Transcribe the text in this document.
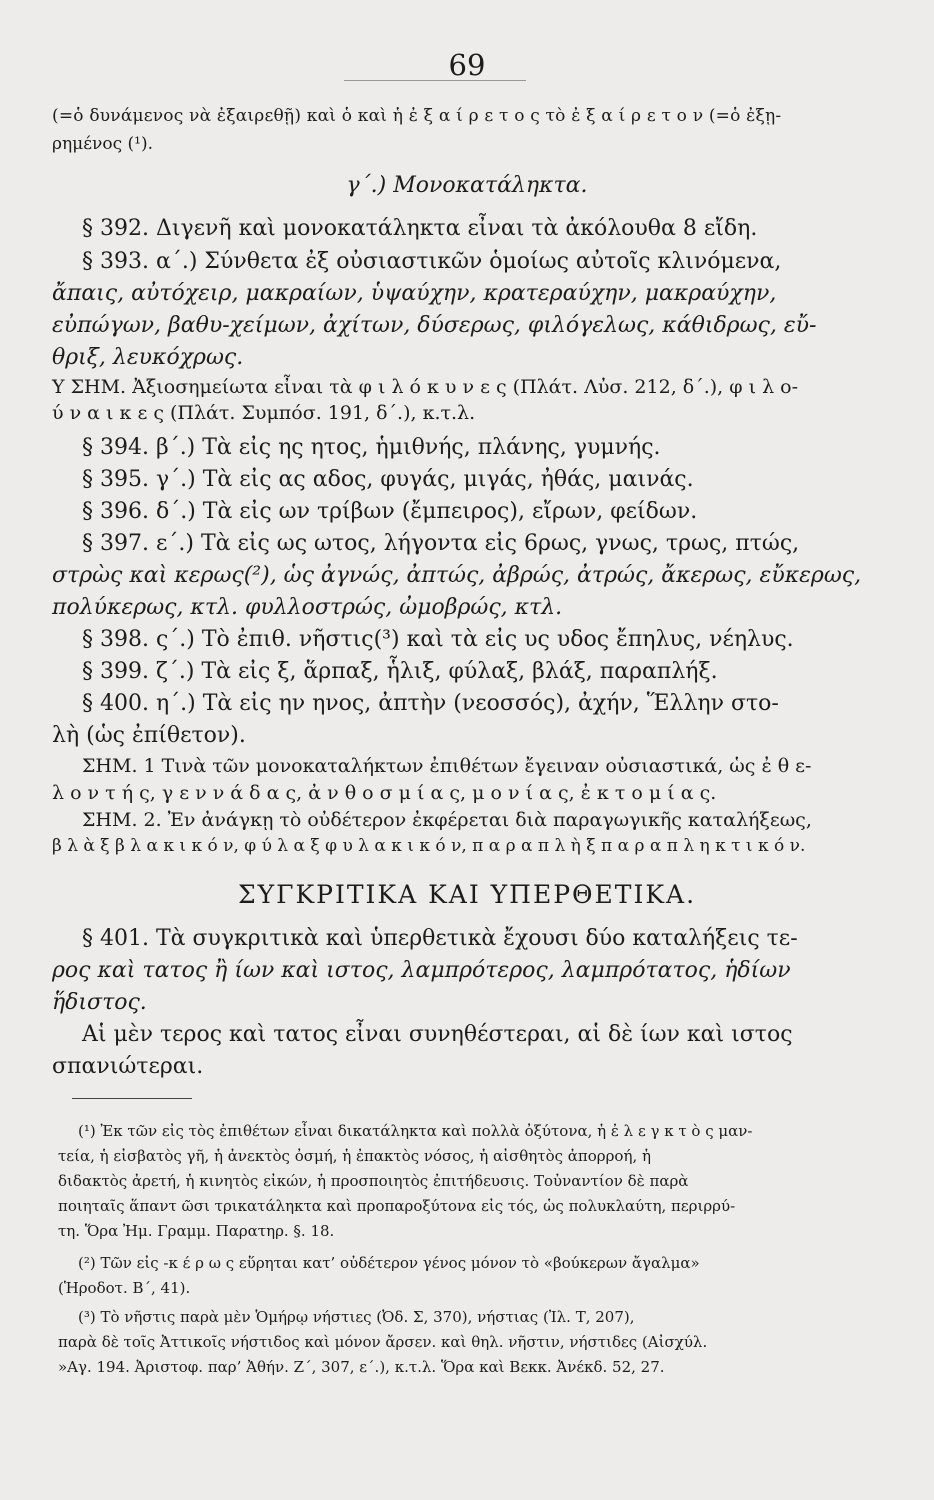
69
(=ὁ δυνάμενος νὰ ἐξαιρεθῇ) καὶ ὁ καὶ ἡ ἐ ξ α ί ρ ε τ ο ς τὸ ἐ ξ α ί ρ ε τ ο ν (=ὁ ἐξῃ-
ρημένος (¹).
γ΄.) Μονοκατάληκτα.
§ 392. Διγενῆ καὶ μονοκατάληκτα εἶναι τὰ ἀκόλουθα 8 εἴδη.
§ 393. α΄.) Σύνθετα ἐξ οὐσιαστικῶν ὁμοίως αὐτοῖς κλινόμενα,
ἄπαις, αὐτόχειρ, μακραίων, ὑψαύχην, κρατεραύχην, μακραύχην,
εὐπώγων, βαθυ-χείμων, ἀχίτων, δύσερως, φιλόγελως, κάθιδρως, εὔ-
θριξ, λευκόχρως.
Υ ΣΗΜ. Ἀξιοσημείωτα εἶναι τὰ φ ι λ ό κ υ ν ε ς (Πλάτ. Λὐσ. 212, δ΄.), φ ι λ ο-
ύ ν α ι κ ε ς (Πλάτ. Συμπόσ. 191, δ΄.), κ.τ.λ.
§ 394. β΄.) Τὰ εἰς ης ητος, ἡμιθνής, πλάνης, γυμνής.
§ 395. γ΄.) Τὰ εἰς ας αδος, φυγάς, μιγάς, ἠθάς, μαινάς.
§ 396. δ΄.) Τὰ εἰς ων τρίβων (ἔμπειρος), εἴρων, φείδων.
§ 397. ε΄.) Τὰ εἰς ως ωτος, λήγοντα εἰς 6ρως, γνως, τρως, πτώς,
στρὼς καὶ κερως(²), ὡς ἀγνώς, ἀπτώς, ἀβρώς, ἀτρώς, ἄκερως, εὔκερως,
πολύκερως, κτλ. φυλλοστρώς, ὠμοβρώς, κτλ.
§ 398. ς΄.) Τὸ ἐπιθ. νῆστις(³) καὶ τὰ εἰς υς υδος ἔπηλυς, νέηλυς.
§ 399. ζ΄.) Τὰ εἰς ξ, ἅρπαξ, ἧλιξ, φύλαξ, βλάξ, παραπλήξ.
§ 400. η΄.) Τὰ εἰς ην ηνος, ἀπτὴν (νεοσσός), ἀχήν, Ἕλλην στο-
λὴ (ὡς ἐπίθετον).
ΣΗΜ. 1 Τινὰ τῶν μονοκαταλήκτων ἐπιθέτων ἔγειναν οὐσιαστικά, ὡς ἐ θ ε-
λ ο ν τ ή ς, γ ε ν ν ά δ α ς, ἀ ν θ ο σ μ ί α ς, μ ο ν ί α ς, ἐ κ τ ο μ ί α ς.
ΣΗΜ. 2. Ἐν ἀνάγκῃ τὸ οὐδέτερον ἐκφέρεται διὰ παραγωγικῆς καταλήξεως,
β λ ὰ ξ β λ α κ ι κ ό ν, φ ύ λ α ξ φ υ λ α κ ι κ ό ν, π α ρ α π λ ὴ ξ π α ρ α π λ η κ τ ι κ ό ν.
ΣΥΓΚΡΙΤΙΚΑ ΚΑΙ ΥΠΕΡΘΕΤΙΚΑ.
§ 401. Τὰ συγκριτικὰ καὶ ὑπερθετικὰ ἔχουσι δύο καταλήξεις τε-
ρος καὶ τατος ἢ ίων καὶ ιστος, λαμπρότερος, λαμπρότατος, ἡδίων
ἥδιστος.
Αἱ μὲν τερος καὶ τατος εἶναι συνηθέστεραι, αἱ δὲ ίων καὶ ιστος
σπανιώτεραι.
(¹) Ἐκ τῶν εἰς τὸς ἐπιθέτων εἶναι δικατάληκτα καὶ πολλὰ ὀξύτονα, ἡ ἐ λ ε γ κ τ ὸ ς μαν-
τεία, ἡ εἰσβατὸς γῆ, ἡ ἀνεκτὸς ὀσμή, ἡ ἐπακτὸς νόσος, ἡ αἰσθητὸς ἀπορροή, ἡ
διδακτὸς ἀρετή, ἡ κινητὸς εἰκών, ἡ προσποιητὸς ἐπιτήδευσις. Τοὐναντίον δὲ παρὰ
ποιηταῖς ἅπαντ ῶσι τρικατάληκτα καὶ προπαροξύτονα εἰς τός, ὡς πολυκλαύτη, περιρρύ-
τη. Ὅρα Ἠμ. Γραμμ. Παρατηρ. §. 18.
(²) Τῶν εἰς -κ έ ρ ω ς εὕρηται κατ’ οὐδέτερον γένος μόνον τὸ «βούκερων ἄγαλμα»
(Ἡροδοτ. Β΄, 41).
(³) Τὸ νῆστις παρὰ μὲν Ὁμήρῳ νήστιες (Ὀδ. Σ, 370), νήστιας (Ἰλ. Τ, 207),
παρὰ δὲ τοῖς Ἀττικοῖς νήστιδος καὶ μόνον ἄρσεν. καὶ θηλ. νῆστιν, νήστιδες (Αἰσχύλ.
»Αγ. 194. Ἀριστοφ. παρ’ Ἀθήν. Ζ΄, 307, ε΄.), κ.τ.λ. Ὅρα καὶ Βεκκ. Ἀνέκδ. 52, 27.
